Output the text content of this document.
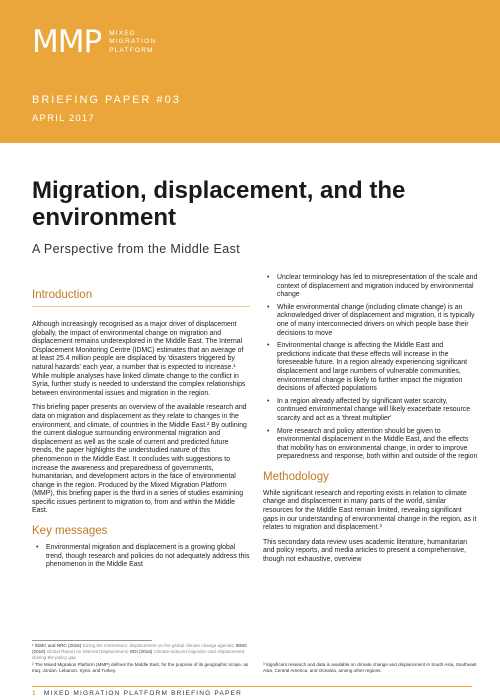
MMP MIXED
MIGRATION
PLATFORM
BRIEFING PAPER #03
APRIL 2017
Migration, displacement, and the environment
A Perspective from the Middle East
Introduction

Although increasingly recognised as a major driver of displacement globally, the impact of environmental change on migration and displacement remains underexplored in the Middle East. The Internal Displacement Monitoring Centre (IDMC) estimates that an average of at least 25.4 million people are displaced by 'disasters triggered by natural hazards' each year, a number that is expected to increase.¹ While multiple analyses have linked climate change to the conflict in Syria, further study is needed to understand the complex relationships between environmental issues and migration in the region.

This briefing paper presents an overview of the available research and data on migration and displacement as they relate to changes in the environment, and climate, of countries in the Middle East.² By outlining the current dialogue surrounding environmental migration and displacement as well as the scale of current and predicted future trends, the paper highlights the understudied nature of this phenomenon in the Middle East. It concludes with suggestions to increase the awareness and preparedness of governments, humanitarian, and development actors in the face of environmental change in the region. Produced by the Mixed Migration Platform (MMP), this briefing paper is the third in a series of studies examining specific issues pertinent to migration to, from and within the Middle East.

Key messages
• Environmental migration and displacement is a growing global trend, though research and policies do not adequately address this phenomenon in the Middle East
• Unclear terminology has led to misrepresentation of the scale and context of displacement and migration induced by environmental change
• While environmental change (including climate change) is an acknowledged driver of displacement and migration, it is typically one of many interconnected drivers on which people base their decisions to move
• Environmental change is affecting the Middle East and predictions indicate that these effects will increase in the foreseeable future. In a region already experiencing significant displacement and large numbers of vulnerable communities, environmental change is likely to further impact the migration decisions of affected populations
• In a region already affected by significant water scarcity, continued environmental change will likely exacerbate resource scarcity and act as a 'threat multiplier'
• More research and policy attention should be given to environmental displacement in the Middle East, and the effects that mobility has on environmental change, in order to improve preparedness and response, both within and outside of the region
Methodology

While significant research and reporting exists in relation to climate change and displacement in many parts of the world, similar resources for the Middle East remain limited, revealing significant gaps in our understanding of environmental change in the region, as it relates to migration and displacement.³

This secondary data review uses academic literature, humanitarian and policy reports, and media articles to present a comprehensive, though not exhaustive, overview

¹ IDMC and NRC (2016) Sizing the momentum: displacement on the global climate change agenda; IDMC (2016) Global Report on Internal Displacement; ODI (2016) Climate-induced migration and displacement: closing the policy gap
² The Mixed Migration Platform (MMP) defines the Middle East, for the purpose of its geographic scope, as Iraq, Jordan, Lebanon, Syria, and Turkey.
³ Significant research and data is available on climate change and displacement in South Asia, Southeast Asia, Central America, and Oceania, among other regions.
1 MIXED MIGRATION PLATFORM BRIEFING PAPER
